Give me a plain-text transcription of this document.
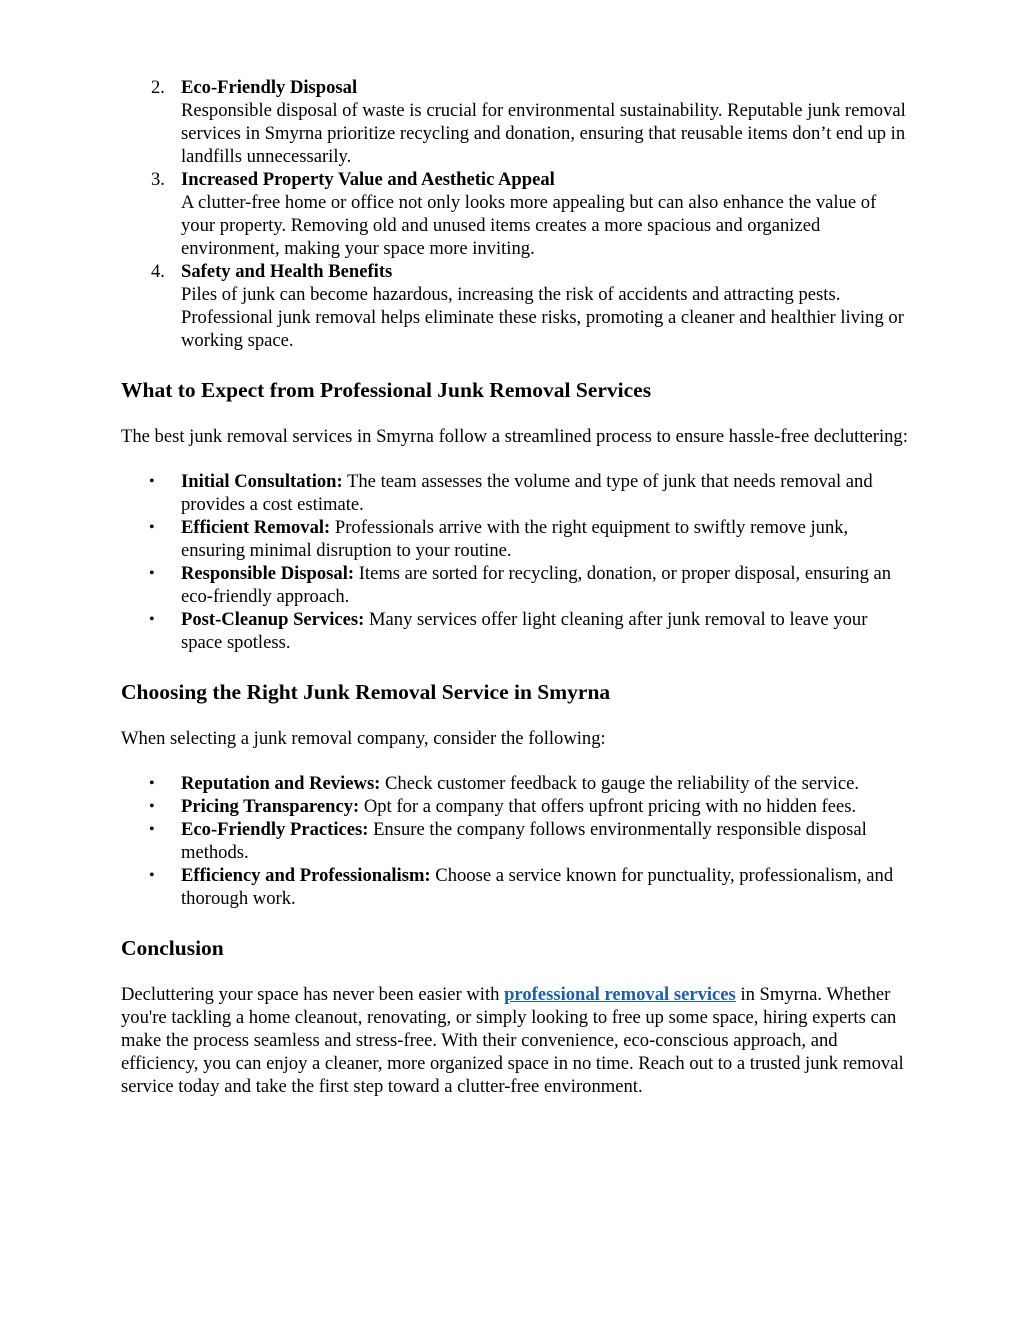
2. Eco-Friendly Disposal
Responsible disposal of waste is crucial for environmental sustainability. Reputable junk removal services in Smyrna prioritize recycling and donation, ensuring that reusable items don’t end up in landfills unnecessarily.
3. Increased Property Value and Aesthetic Appeal
A clutter-free home or office not only looks more appealing but can also enhance the value of your property. Removing old and unused items creates a more spacious and organized environment, making your space more inviting.
4. Safety and Health Benefits
Piles of junk can become hazardous, increasing the risk of accidents and attracting pests. Professional junk removal helps eliminate these risks, promoting a cleaner and healthier living or working space.
What to Expect from Professional Junk Removal Services

The best junk removal services in Smyrna follow a streamlined process to ensure hassle-free decluttering:

• Initial Consultation: The team assesses the volume and type of junk that needs removal and provides a cost estimate.
• Efficient Removal: Professionals arrive with the right equipment to swiftly remove junk, ensuring minimal disruption to your routine.
• Responsible Disposal: Items are sorted for recycling, donation, or proper disposal, ensuring an eco-friendly approach.
• Post-Cleanup Services: Many services offer light cleaning after junk removal to leave your space spotless.
Choosing the Right Junk Removal Service in Smyrna

When selecting a junk removal company, consider the following:

• Reputation and Reviews: Check customer feedback to gauge the reliability of the service.
• Pricing Transparency: Opt for a company that offers upfront pricing with no hidden fees.
• Eco-Friendly Practices: Ensure the company follows environmentally responsible disposal methods.
• Efficiency and Professionalism: Choose a service known for punctuality, professionalism, and thorough work.
Conclusion

Decluttering your space has never been easier with professional removal services in Smyrna. Whether you're tackling a home cleanout, renovating, or simply looking to free up some space, hiring experts can make the process seamless and stress-free. With their convenience, eco-conscious approach, and efficiency, you can enjoy a cleaner, more organized space in no time. Reach out to a trusted junk removal service today and take the first step toward a clutter-free environment.
